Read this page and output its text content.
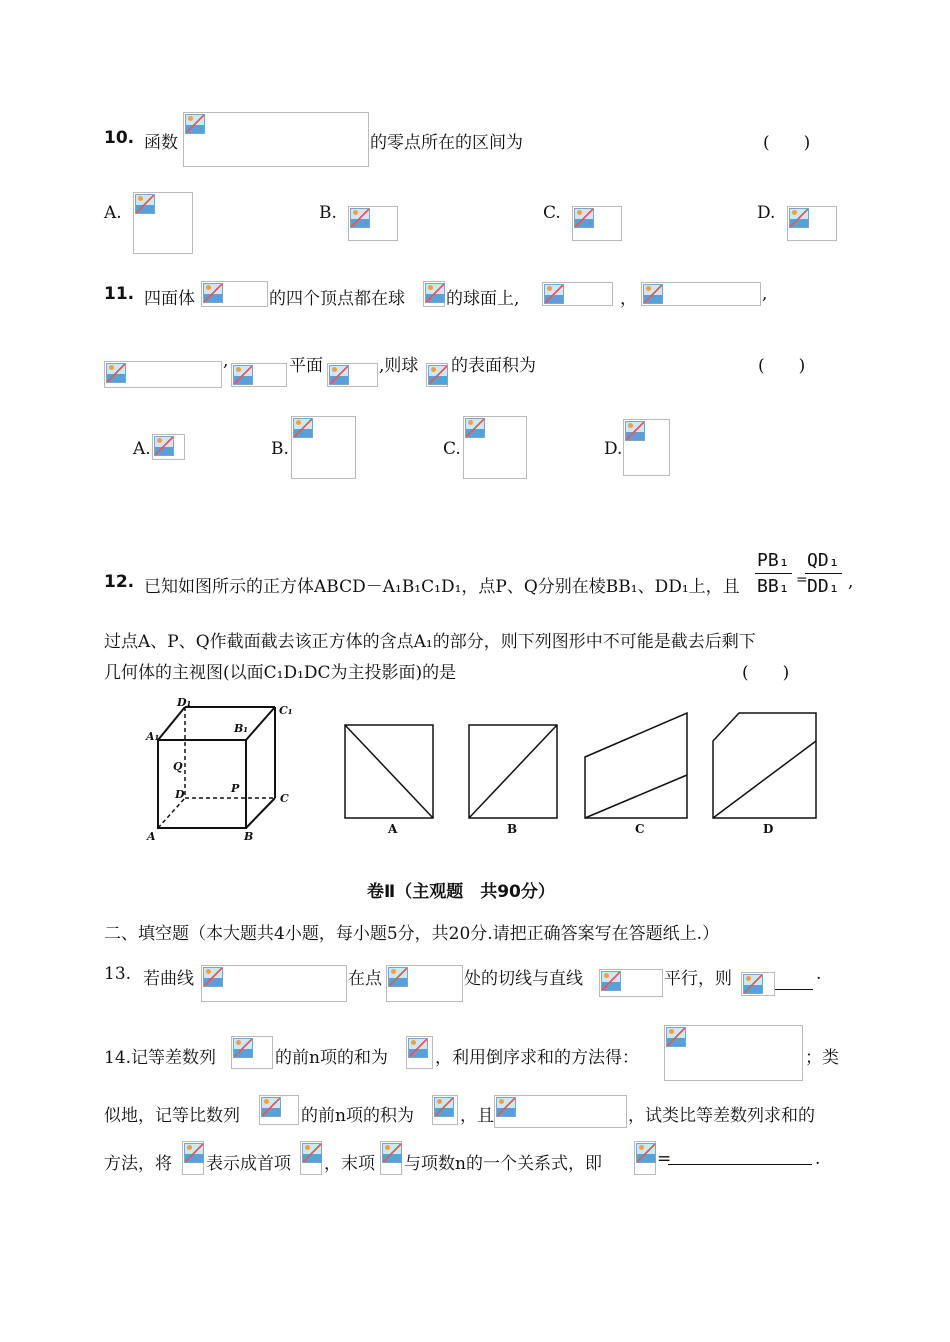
10. 函数	的零点所在的区间为	(　　)
A.	B.	C.	D.
11. 四面体	的四个顶点都在球 的球面上,	，	,
,	平面	,则球 的表面积为	(　　)
A.	B.	C.	D.
12. 已知如图所示的正方体ABCD－A₁B₁C₁D₁，点P、Q分别在棱BB₁、DD₁上，且 $\frac{\text{PB₁}}{\text{BB₁}}$ =
$\frac{\text{QD₁}}{\text{DD₁}}$ ,
过点A、P、Q作截面截去该正方体的含点A₁的部分，则下列图形中不可能是截去后剩下
几何体的主视图(以面C₁D₁DC为主投影面)的是	(　　)
D₁
C₁
A₁
B₁
Q
D	P
C
A	B
A	B	C	D
卷Ⅱ（主观题　共90分）
二、填空题（本大题共4小题，每小题5分，共20分.请把正确答案写在答题纸上.）
13. 若曲线	在点	处的切线与直线	平行，则	.
14.记等差数列	的前n项的和为	，利用倒序求和的方法得：	；类
似地，记等比数列	的前n项的积为	，且	，试类比等差数列求和的
方法，将 表示成首项 ，末项 与项数n的一个关系式，即	=	.
